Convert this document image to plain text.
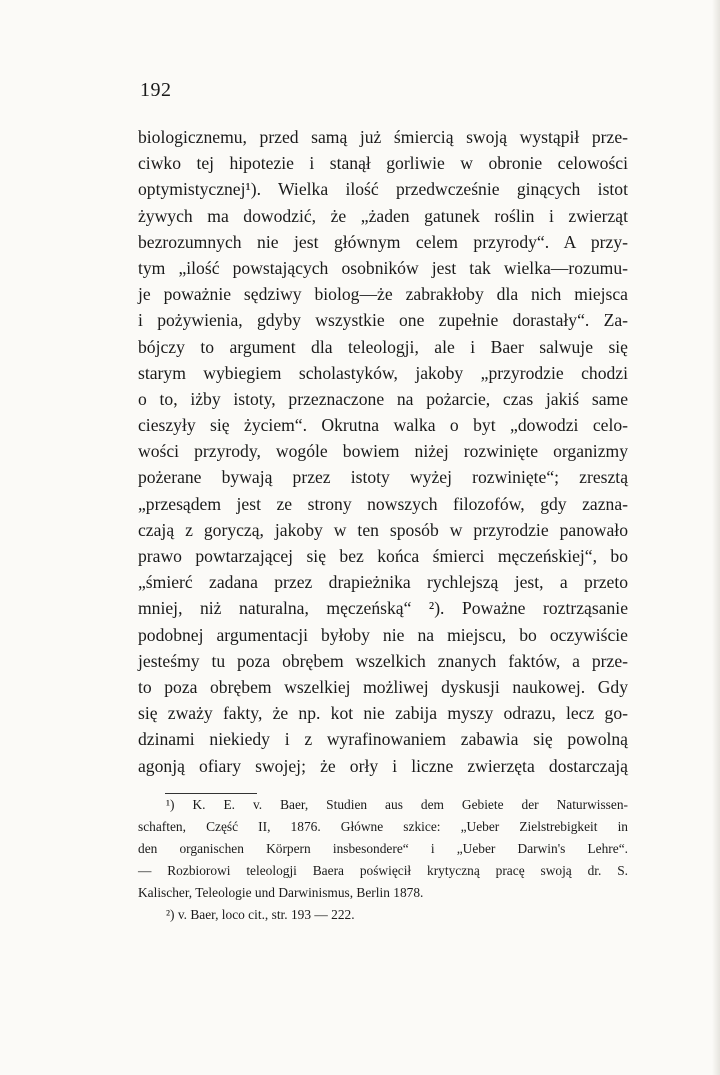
192
biologicznemu, przed samą już śmiercią swoją wystąpił prze-
ciwko tej hipotezie i stanął gorliwie w obronie celowości
optymistycznej¹). Wielka ilość przedwcześnie ginących istot
żywych ma dowodzić, że „żaden gatunek roślin i zwierząt
bezrozumnych nie jest głównym celem przyrody“. A przy-
tym „ilość powstających osobników jest tak wielka—rozumu-
je poważnie sędziwy biolog—że zabrakłoby dla nich miejsca
i pożywienia, gdyby wszystkie one zupełnie dorastały“. Za-
bójczy to argument dla teleologji, ale i Baer salwuje się
starym wybiegiem scholastyków, jakoby „przyrodzie chodzi
o to, iżby istoty, przeznaczone na pożarcie, czas jakiś same
cieszyły się życiem“. Okrutna walka o byt „dowodzi celo-
wości przyrody, wogóle bowiem niżej rozwinięte organizmy
pożerane bywają przez istoty wyżej rozwinięte“; zresztą
„przesądem jest ze strony nowszych filozofów, gdy zazna-
czają z goryczą, jakoby w ten sposób w przyrodzie panowało
prawo powtarzającej się bez końca śmierci męczeńskiej“, bo
„śmierć zadana przez drapieżnika rychlejszą jest, a przeto
mniej, niż naturalna, męczeńską“ ²). Poważne roztrząsanie
podobnej argumentacji byłoby nie na miejscu, bo oczywiście
jesteśmy tu poza obrębem wszelkich znanych faktów, a prze-
to poza obrębem wszelkiej możliwej dyskusji naukowej. Gdy
się zważy fakty, że np. kot nie zabija myszy odrazu, lecz go-
dzinami niekiedy i z wyrafinowaniem zabawia się powolną
agonją ofiary swojej; że orły i liczne zwierzęta dostarczają
¹) K. E. v. Baer, Studien aus dem Gebiete der Naturwissen-
schaften, Część II, 1876. Główne szkice: „Ueber Zielstrebigkeit in
den organischen Körpern insbesondere“ i „Ueber Darwin's Lehre“.
— Rozbiorowi teleologji Baera poświęcił krytyczną pracę swoją dr. S.
Kalischer, Teleologie und Darwinismus, Berlin 1878.
²) v. Baer, loco cit., str. 193 — 222.
